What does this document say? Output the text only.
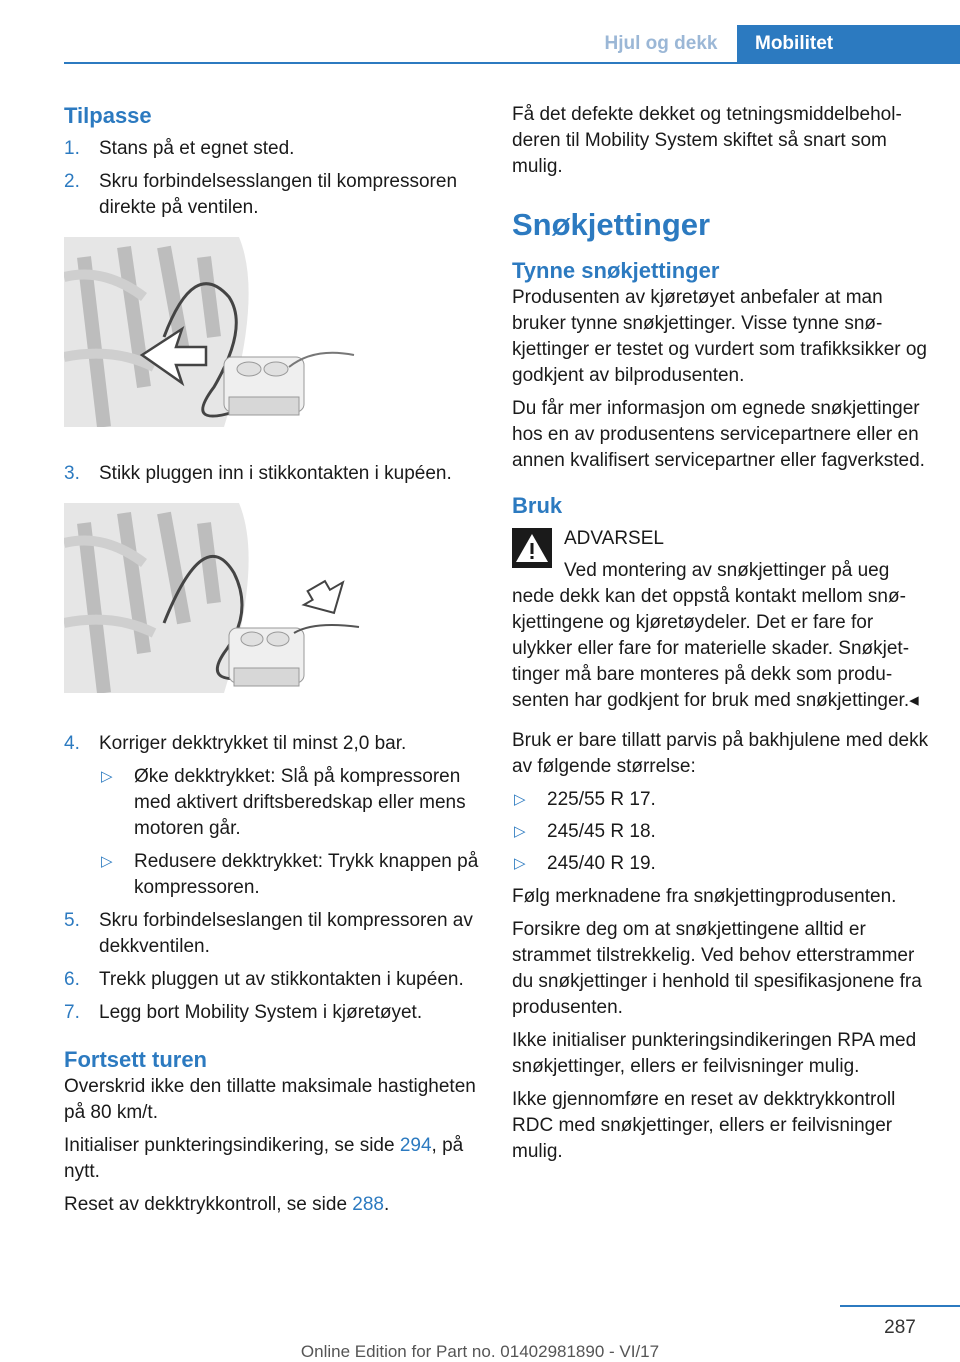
Hjul og dekk	Mobilitet
Tilpasse
1. Stans på et egnet sted.

2. Skru forbindelsesslangen til kompressoren direkte på ventilen.

3. Stikk pluggen inn i stikkontakten i kupéen.

4. Korriger dekktrykket til minst 2,0 bar.

▷ Øke dekktrykket: Slå på kompressoren med aktivert driftsberedskap eller mens motoren går.

▷ Redusere dekktrykket: Trykk knappen på kompressoren.

5. Skru forbindelseslangen til kompressoren av dekkventilen.

6. Trekk pluggen ut av stikkontakten i kupéen.

7. Legg bort Mobility System i kjøretøyet.

Fortsett turen

Overskrid ikke den tillatte maksimale hastigheten på 80 km/t.

Initialiser punkteringsindikering, se side 294, på nytt.

Reset av dekktrykkontroll, se side 288.

Få det defekte dekket og tetningsmiddelbeholderen til Mobility System skiftet så snart som mulig.

Snøkjettinger
Tynne snøkjettinger

Produsenten av kjøretøyet anbefaler at man bruker tynne snøkjettinger. Visse tynne snøkjettinger er testet og vurdert som trafikksikker og godkjent av bilprodusenten.

Du får mer informasjon om egnede snøkjettinger hos en av produsentens servicepartnere eller en annen kvalifisert servicepartner eller fagverksted.

Bruk

ADVARSEL

Ved montering av snøkjettinger på ueg

nede dekk kan det oppstå kontakt mellom snøkjettingene og kjøretøydeler. Det er fare for ulykker eller fare for materielle skader. Snøkjettinger må bare monteres på dekk som produsenten har godkjent for bruk med snøkjettinger.◂

Bruk er bare tillatt parvis på bakhjulene med dekk av følgende størrelse:

▷ 225/55 R 17.

▷ 245/45 R 18.

▷ 245/40 R 19.

Følg merknadene fra snøkjettingprodusenten.

Forsikre deg om at snøkjettingene alltid er strammet tilstrekkelig. Ved behov etterstrammer du snøkjettinger i henhold til spesifikasjonene fra produsenten.

Ikke initialiser punkteringsindikeringen RPA med snøkjettinger, ellers er feilvisninger mulig.

Ikke gjennomføre en reset av dekktrykkontroll RDC med snøkjettinger, ellers er feilvisninger mulig.

287
Online Edition for Part no. 01402981890 - VI/17
